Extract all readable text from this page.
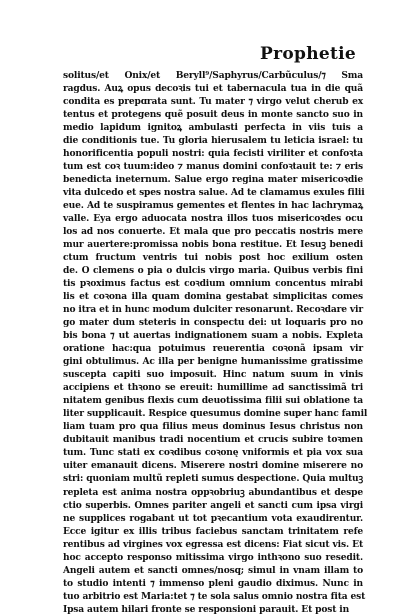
Prophetie
solitus/et Onix/et Beryll⁹/Saphyrus/Carbũculus/⁊ Sma
ragdus. Auꝝ opus decoꝛis tui et tabernacula tua in die quã
condita es prepɑrata sunt. Tu mater ⁊ virgo velut cherub ex
tentus et protegens quẽ posuit deus in monte sancto suo in
medio lapidum ignitoꝝ ambulasti perfecta in viis tuis a
die conditionis tue. Tu gloria hierusalem tu leticia israel: tu
honorificentia populi nostri: quia fecisti viriliter et confoꝛta
tum est coꝛ tuum:ideo ⁊ manus domini confoꝛtauit te: ⁊ eris
benedicta ineternum. Salue ergo regina mater misericoꝛdie
vita dulcedo et spes nostra salue. Ad te clamamus exules filii
eue. Ad te suspiramus gementes et flentes in hac lachrymaꝝ
valle. Eya ergo aduocata nostra illos tuos misericoꝛdes ocu
los ad nos conuerte. Et mala que pro peccatis nostris mere
mur auertere:promissa nobis bona restitue. Et Iesuꝫ benedi
ctum fructum ventris tui nobis post hoc exilium osten
de. O clemens o pia o dulcis virgo maria. Quibus verbis fini
tis pꝛoximus factus est coꝛdium omnium concentus mirabi
lis et coꝛona illa quam domina gestabat simplicitas comes
no itra et in hunc modum dulciter resonarunt. Recoꝛdare vir
go mater dum steteris in conspectu dei: ut loquaris pro no
bis bona ⁊ ut auertas indignationem suam a nobis. Expleta
oratione hac:qua potuimus reuerentia coꝛonã ipsam vir
gini obtulimus. Ac illa per benigne humanissime gratissime
suscepta capiti suo imposuit. Hinc natum suum in vinis
accipiens et thꝛono se ereuit: humillime ad sanctissimã tri
nitatem genibus flexis cum deuotissima filii sui oblatione ta
liter supplicauit. Respice quesumus domine super hanc famil
liam tuam pro qua filius meus dominus Iesus christus non
dubitauit manibus tradi nocentium et crucis subire toꝛmen
tum. Tunc stati ex coꝛdibus coꝛonę vniformis et pia vox sua
uiter emanauit dicens. Miserere nostri domine miserere no
stri: quoniam multũ repleti sumus despectione. Quia multuꝫ
repleta est anima nostra oppꝛobriuꝫ abundantibus et despe
ctio superbis. Omnes pariter angeli et sancti cum ipsa virgi
ne supplices rogabant ut tot pꝛecantium vota exaudirentur.
Ecce igitur ex illis tribus faciebus sanctam trinitatem refe
rentibus ad virgines vox egressa est dicens: Fiat sicut vis. Et
hoc accepto responso mitissima virgo inthꝛono suo resedit.
Angeli autem et sancti omnes/nosq; simul in vnam illam to
to studio intenti ⁊ immenso pleni gaudio diximus. Nunc in
tuo arbitrio est Maria:tet ⁊ te sola salus omnio nostra fita est
Ipsa autem hilari fronte se responsioni parauit. Et post in
